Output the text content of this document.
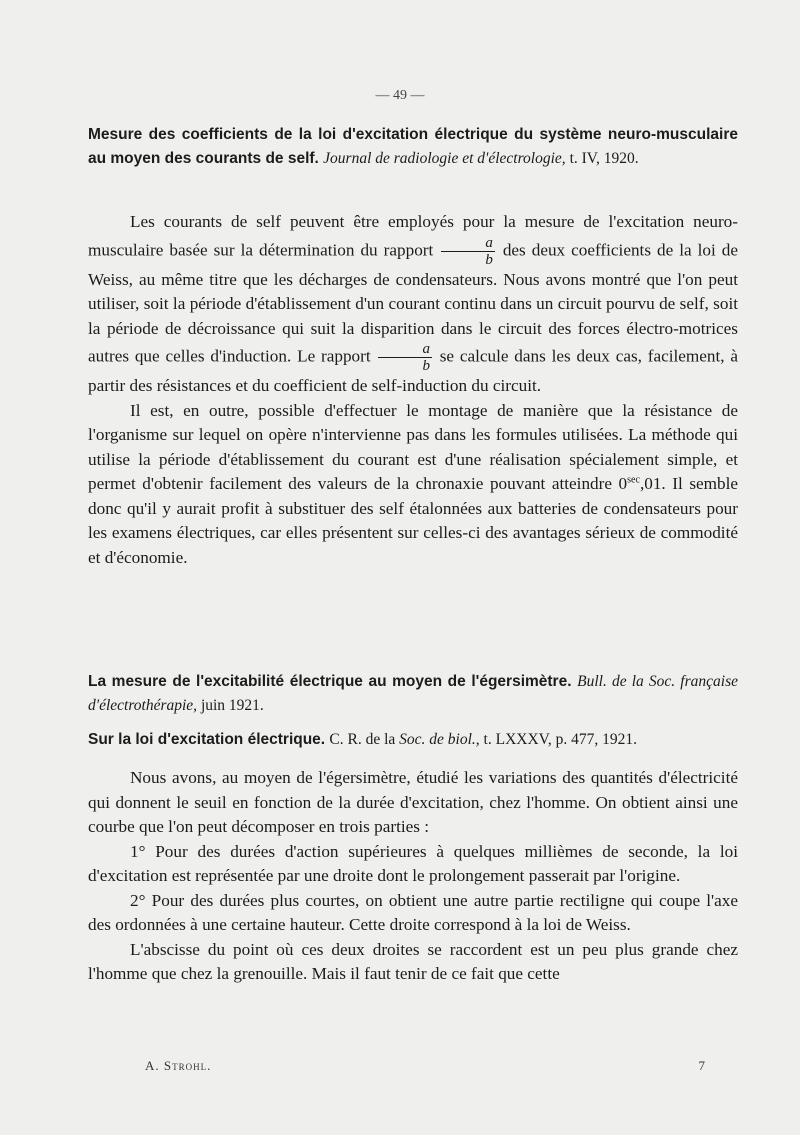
— 49 —
Mesure des coefficients de la loi d'excitation électrique du système neuro-musculaire au moyen des courants de self. Journal de radiologie et d'électrologie, t. IV, 1920.

Les courants de self peuvent être employés pour la mesure de l'excitation neuro-musculaire basée sur la détermination du rapport $\frac{a}{b}$ des deux coefficients de la loi de Weiss, au même titre que les décharges de condensateurs. Nous avons montré que l'on peut utiliser, soit la période d'établissement d'un courant continu dans un circuit pourvu de self, soit la période de décroissance qui suit la disparition dans le circuit des forces électro-motrices autres que celles d'induction. Le rapport $\frac{a}{b}$ se calcule dans les deux cas, facilement, à partir des résistances et du coefficient de self-induction du circuit.

Il est, en outre, possible d'effectuer le montage de manière que la résistance de l'organisme sur lequel on opère n'intervienne pas dans les formules utilisées. La méthode qui utilise la période d'établissement du courant est d'une réalisation spécialement simple, et permet d'obtenir facilement des valeurs de la chronaxie pouvant atteindre $0^{sec},01$. Il semble donc qu'il y aurait profit à substituer des self étalonnées aux batteries de condensateurs pour les examens électriques, car elles présentent sur celles-ci des avantages sérieux de commodité et d'économie.

La mesure de l'excitabilité électrique au moyen de l'égersimètre. Bull. de la Soc. française d'électrothérapie, juin 1921.
Sur la loi d'excitation électrique. C. R. de la Soc. de biol., t. LXXXV, p. 477, 1921.

Nous avons, au moyen de l'égersimètre, étudié les variations des quantités d'électricité qui donnent le seuil en fonction de la durée d'excitation, chez l'homme. On obtient ainsi une courbe que l'on peut décomposer en trois parties :

1° Pour des durées d'action supérieures à quelques millièmes de seconde, la loi d'excitation est représentée par une droite dont le prolongement passerait par l'origine.

2° Pour des durées plus courtes, on obtient une autre partie rectiligne qui coupe l'axe des ordonnées à une certaine hauteur. Cette droite correspond à la loi de Weiss.

L'abscisse du point où ces deux droites se raccordent est un peu plus grande chez l'homme que chez la grenouille. Mais il faut tenir de ce fait que cette

A. Strohl.	7
